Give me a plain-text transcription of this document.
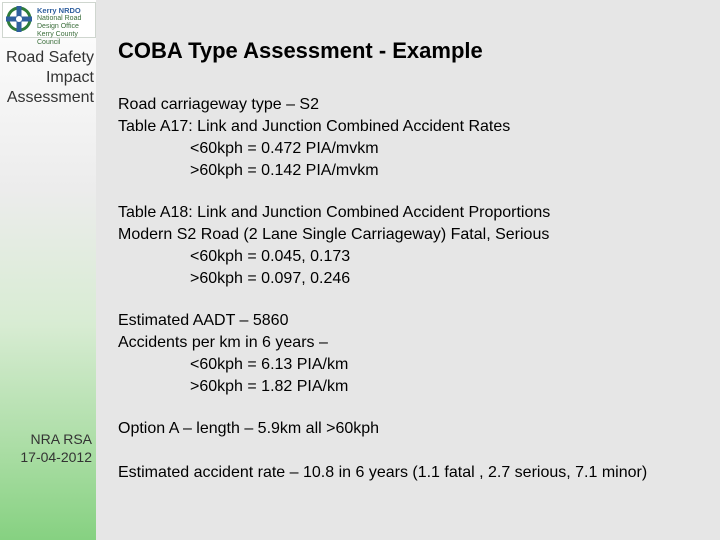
Kerry NRDO
National Road Design Office
Kerry County Council
Road Safety
Impact
Assessment
NRA RSA
17-04-2012
COBA Type Assessment - Example
Road carriageway type – S2
Table A17: Link and Junction Combined Accident Rates
<60kph = 0.472 PIA/mvkm
>60kph = 0.142 PIA/mvkm
Table A18: Link and Junction Combined Accident Proportions
Modern S2 Road (2 Lane Single Carriageway) Fatal, Serious
<60kph = 0.045, 0.173
>60kph = 0.097, 0.246
Estimated AADT – 5860
Accidents per km in 6 years –
<60kph = 6.13 PIA/km
>60kph = 1.82 PIA/km
Option A – length – 5.9km all >60kph
Estimated accident rate – 10.8 in 6 years (1.1 fatal , 2.7 serious, 7.1 minor)
